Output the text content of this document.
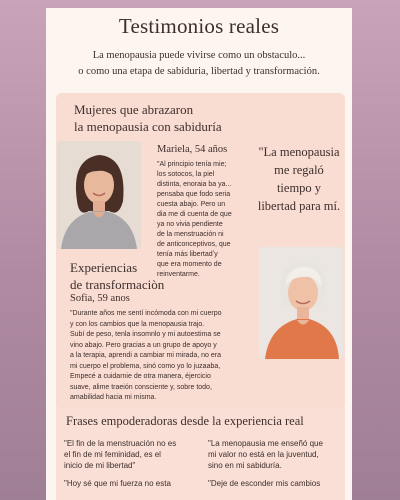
Testimonios reales
La menopausia puede vivirse como un obstaculo...
o como una etapa de sabiduria, libertad y transformación.
Mujeres que abrazaron
la menopausia con sabiduría
Mariela, 54 años
"Al principio tenía mie;
los sotocos, la piel
distinta, enoraia ba ya...
pensaba que fodo seria
cuesta abajo. Pero un
dia me di cuenta de que
ya no vivia pendiente
de la menstruación ni
de anticonceptivos, que
tenía más libertadʼy
que era momento de
reinventarme.
"La menopausia
me regaló
tiempo y
libertad para mí.
Experiencias
de transformaciòn
Sofia, 59 anos
"Durante años me sentí incómoda con mi cuerpo
y con los cambios que la menopausia trajo.
Subí de peso, tenla insomnlo y mi autoestima se
vino abajo. Pero gracias a un grupo de apoyo y
a la terapia, aprendi a cambiar mi mirada, no era
mi cuerpo el problema, sinó como yo lo juzaaba,
Empecé a cuidarnie de otra manera, éjercicio
suave, alime traeión consciente y, sobre todo,
amabilidad hacia mi misma.
Frases empoderadoras desde la experiencia real
"El fin de la menstruación no es
el fin de mi feminidad, es el
inicio de mi libertad"
"Hoy sé que mi fuerza no esta
"La menopausia me enseñó que
mi valor no está en la juventud,
sino en mi sabiduría.
"Deje de esconder mis cambios
